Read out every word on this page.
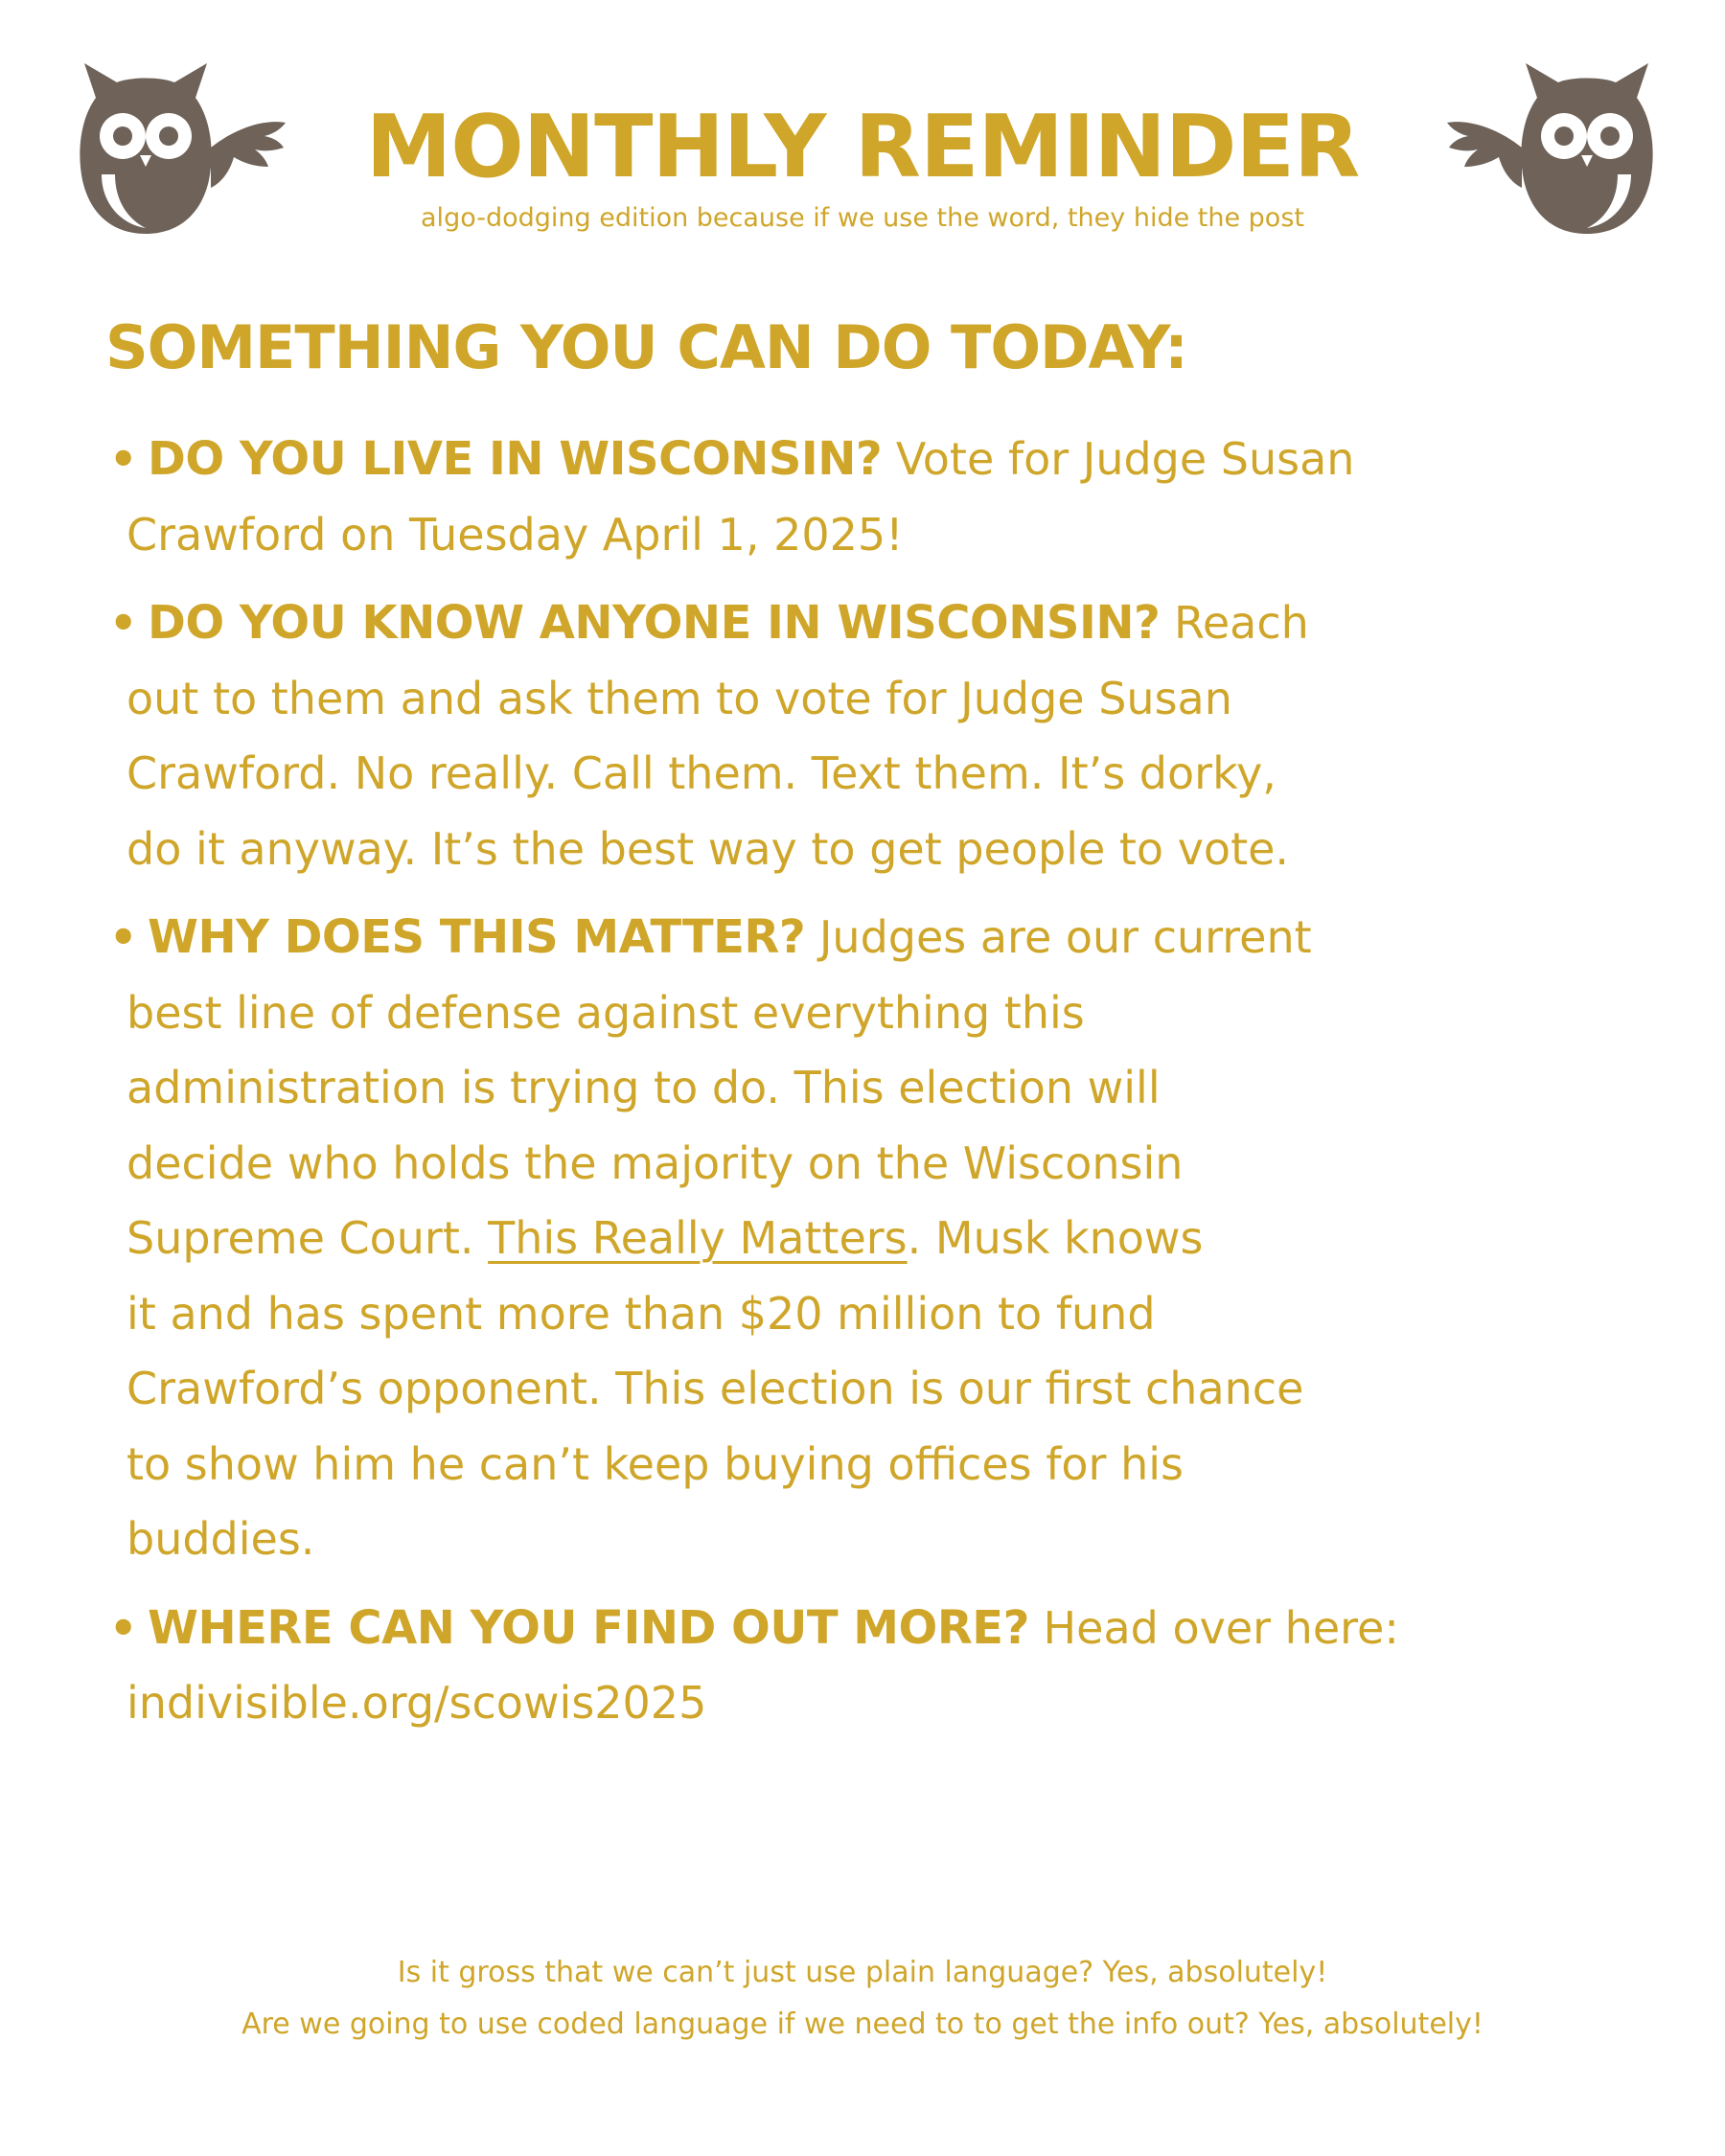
MONTHLY REMINDER
algo-dodging edition because if we use the word, they hide the post
SOMETHING YOU CAN DO TODAY:
• DO YOU LIVE IN WISCONSIN? Vote for Judge Susan
Crawford on Tuesday April 1, 2025!
• DO YOU KNOW ANYONE IN WISCONSIN? Reach
out to them and ask them to vote for Judge Susan
Crawford. No really. Call them. Text them. It’s dorky,
do it anyway. It’s the best way to get people to vote.
• WHY DOES THIS MATTER? Judges are our current
best line of defense against everything this
administration is trying to do. This election will
decide who holds the majority on the Wisconsin
Supreme Court. This Really Matters. Musk knows
it and has spent more than $20 million to fund
Crawford’s opponent. This election is our first chance
to show him he can’t keep buying offices for his
buddies.
• WHERE CAN YOU FIND OUT MORE? Head over here:
indivisible.org/scowis2025
Is it gross that we can’t just use plain language? Yes, absolutely!
Are we going to use coded language if we need to to get the info out? Yes, absolutely!
